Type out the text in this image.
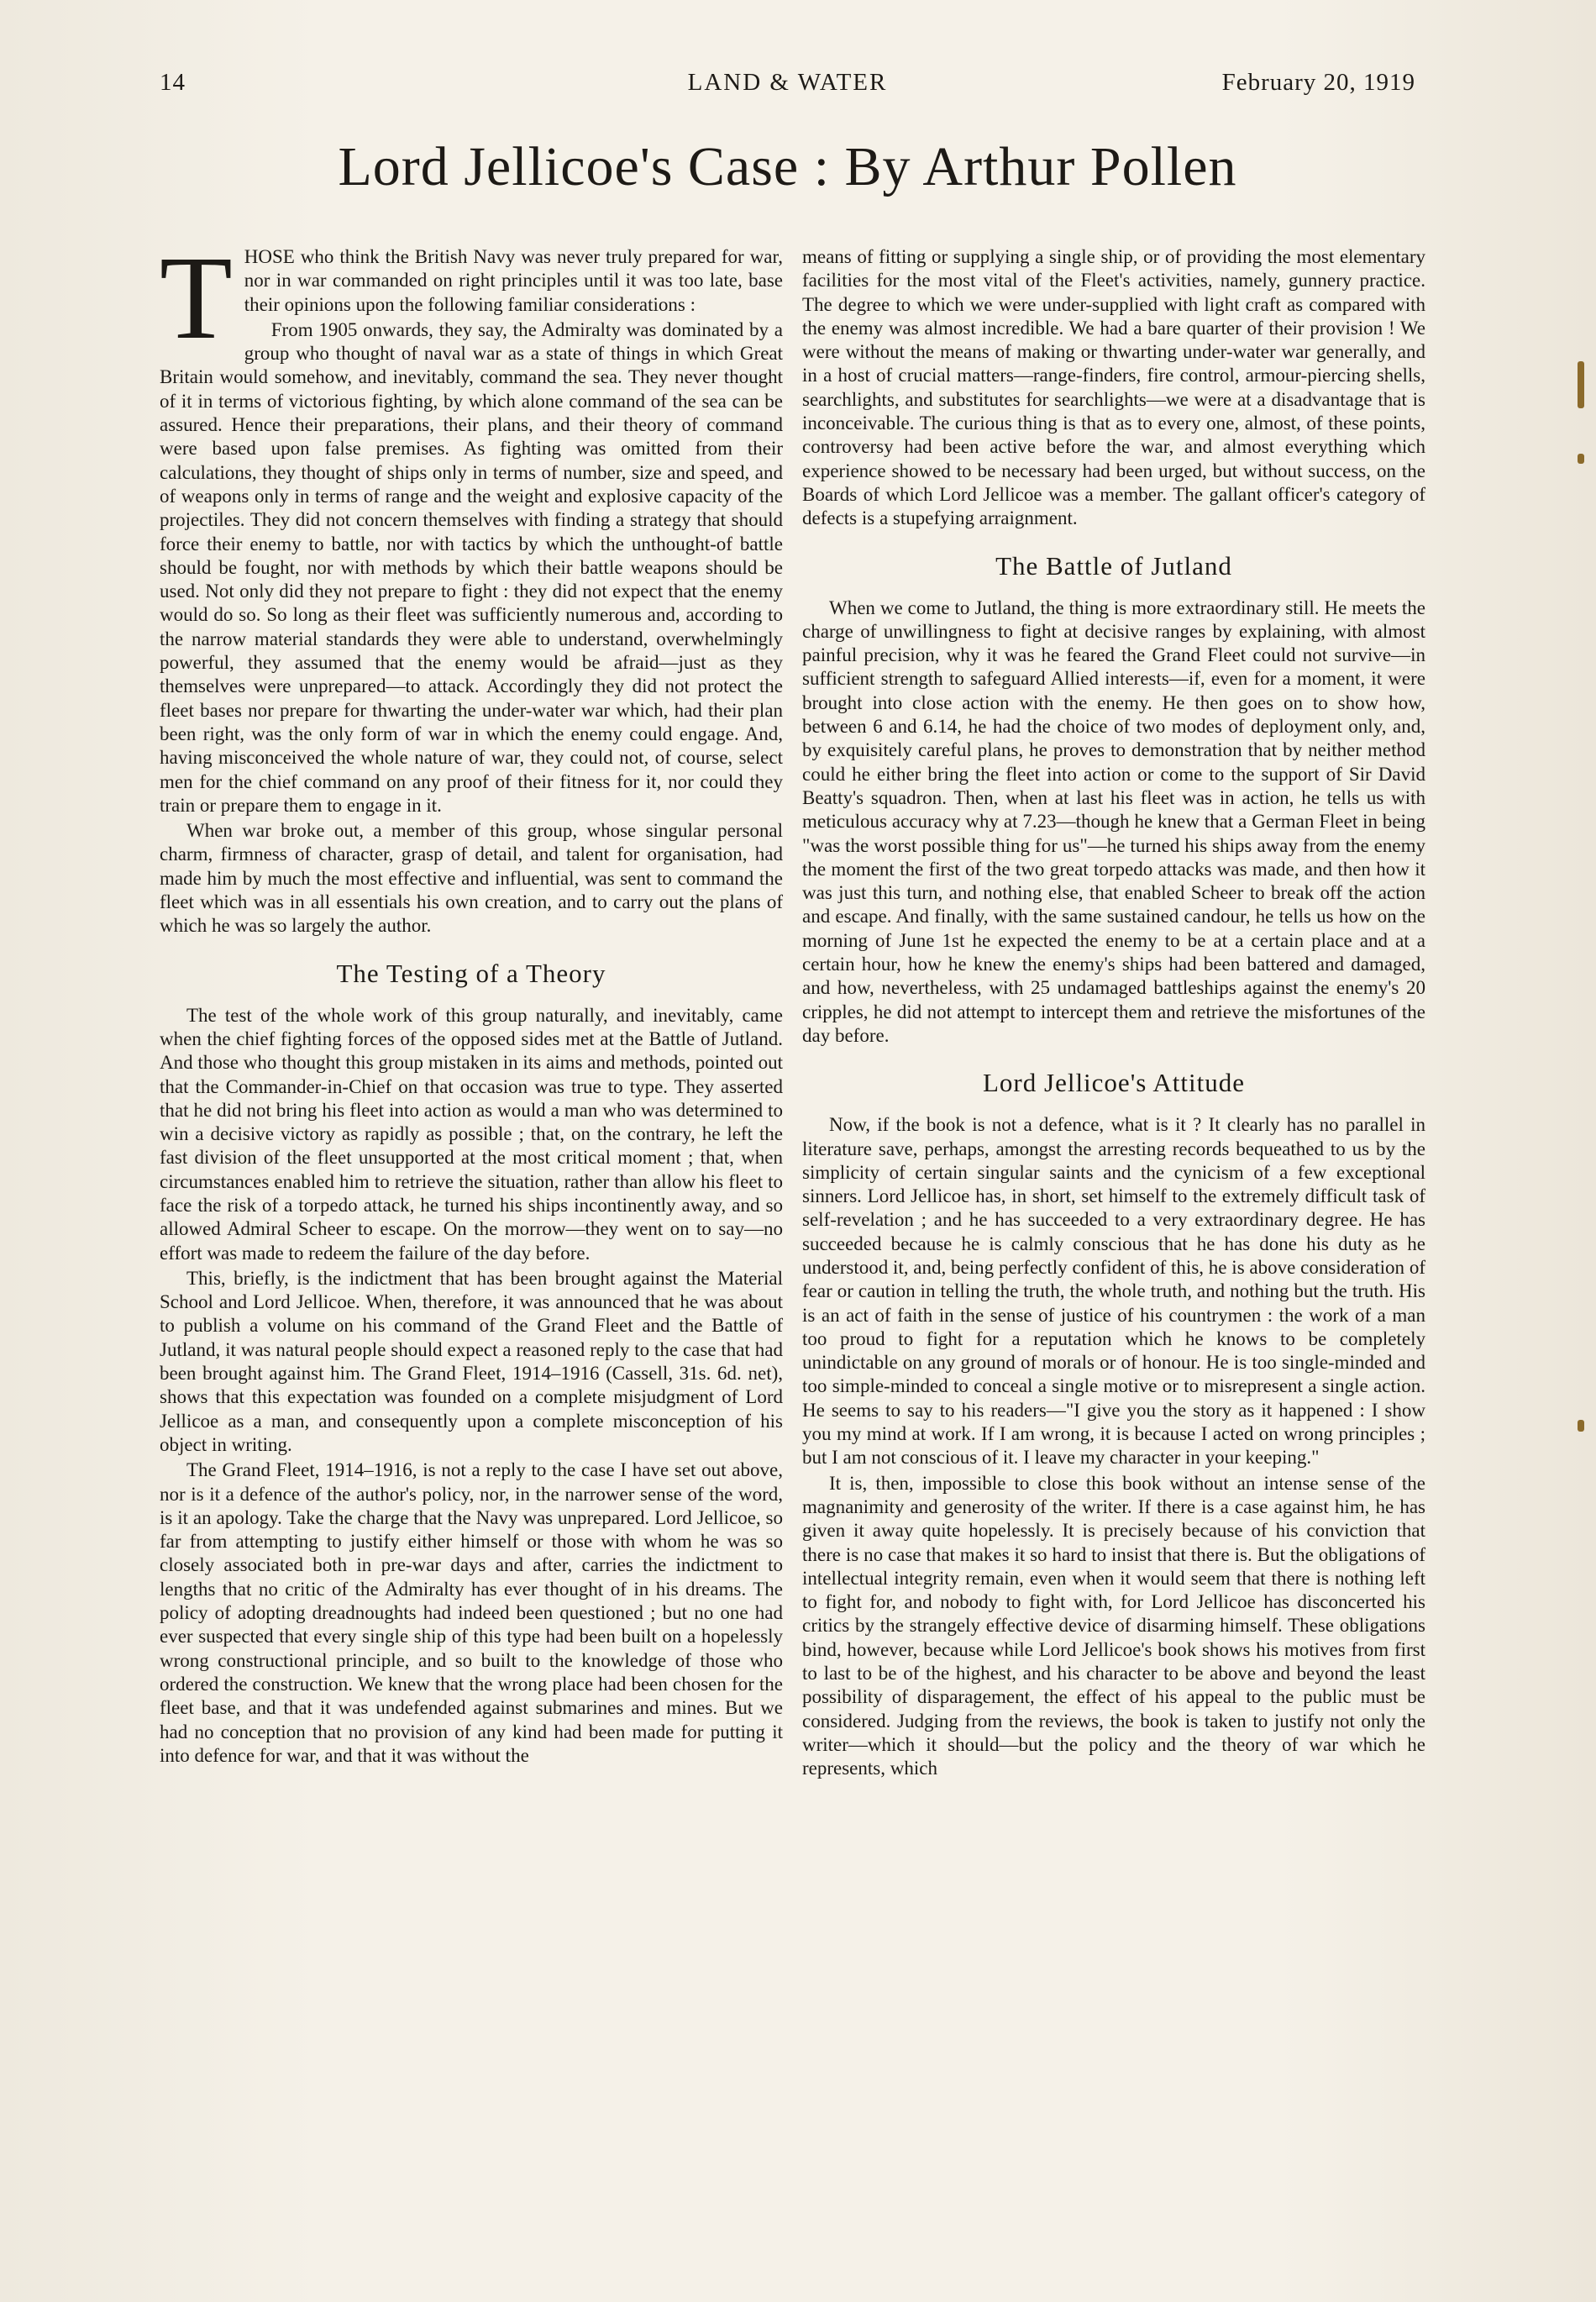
14	LAND & WATER	February 20, 1919
Lord Jellicoe's Case : By Arthur Pollen

THOSE who think the British Navy was never truly prepared for war, nor in war commanded on right principles until it was too late, base their opinions upon the following familiar considerations :

From 1905 onwards, they say, the Admiralty was dominated by a group who thought of naval war as a state of things in which Great Britain would somehow, and inevitably, command the sea. They never thought of it in terms of victorious fighting, by which alone command of the sea can be assured. Hence their preparations, their plans, and their theory of command were based upon false premises. As fighting was omitted from their calculations, they thought of ships only in terms of number, size and speed, and of weapons only in terms of range and the weight and explosive capacity of the projectiles. They did not concern themselves with finding a strategy that should force their enemy to battle, nor with tactics by which the unthought-of battle should be fought, nor with methods by which their battle weapons should be used. Not only did they not prepare to fight : they did not expect that the enemy would do so. So long as their fleet was sufficiently numerous and, according to the narrow material standards they were able to understand, overwhelmingly powerful, they assumed that the enemy would be afraid—just as they themselves were unprepared—to attack. Accordingly they did not protect the fleet bases nor prepare for thwarting the under-water war which, had their plan been right, was the only form of war in which the enemy could engage. And, having misconceived the whole nature of war, they could not, of course, select men for the chief command on any proof of their fitness for it, nor could they train or prepare them to engage in it.

When war broke out, a member of this group, whose singular personal charm, firmness of character, grasp of detail, and talent for organisation, had made him by much the most effective and influential, was sent to command the fleet which was in all essentials his own creation, and to carry out the plans of which he was so largely the author.

The Testing of a Theory

The test of the whole work of this group naturally, and inevitably, came when the chief fighting forces of the opposed sides met at the Battle of Jutland. And those who thought this group mistaken in its aims and methods, pointed out that the Commander-in-Chief on that occasion was true to type. They asserted that he did not bring his fleet into action as would a man who was determined to win a decisive victory as rapidly as possible ; that, on the contrary, he left the fast division of the fleet unsupported at the most critical moment ; that, when circumstances enabled him to retrieve the situation, rather than allow his fleet to face the risk of a torpedo attack, he turned his ships incontinently away, and so allowed Admiral Scheer to escape. On the morrow—they went on to say—no effort was made to redeem the failure of the day before.

This, briefly, is the indictment that has been brought against the Material School and Lord Jellicoe. When, therefore, it was announced that he was about to publish a volume on his command of the Grand Fleet and the Battle of Jutland, it was natural people should expect a reasoned reply to the case that had been brought against him. The Grand Fleet, 1914–1916 (Cassell, 31s. 6d. net), shows that this expectation was founded on a complete misjudgment of Lord Jellicoe as a man, and consequently upon a complete misconception of his object in writing.

The Grand Fleet, 1914–1916, is not a reply to the case I have set out above, nor is it a defence of the author's policy, nor, in the narrower sense of the word, is it an apology. Take the charge that the Navy was unprepared. Lord Jellicoe, so far from attempting to justify either himself or those with whom he was so closely associated both in pre-war days and after, carries the indictment to lengths that no critic of the Admiralty has ever thought of in his dreams. The policy of adopting dreadnoughts had indeed been questioned ; but no one had ever suspected that every single ship of this type had been built on a hopelessly wrong constructional principle, and so built to the knowledge of those who ordered the construction. We knew that the wrong place had been chosen for the fleet base, and that it was undefended against submarines and mines. But we had no conception that no provision of any kind had been made for putting it into defence for war, and that it was without the

means of fitting or supplying a single ship, or of providing the most elementary facilities for the most vital of the Fleet's activities, namely, gunnery practice. The degree to which we were under-supplied with light craft as compared with the enemy was almost incredible. We had a bare quarter of their provision ! We were without the means of making or thwarting under-water war generally, and in a host of crucial matters—range-finders, fire control, armour-piercing shells, searchlights, and substitutes for searchlights—we were at a disadvantage that is inconceivable. The curious thing is that as to every one, almost, of these points, controversy had been active before the war, and almost everything which experience showed to be necessary had been urged, but without success, on the Boards of which Lord Jellicoe was a member. The gallant officer's category of defects is a stupefying arraignment.

The Battle of Jutland

When we come to Jutland, the thing is more extraordinary still. He meets the charge of unwillingness to fight at decisive ranges by explaining, with almost painful precision, why it was he feared the Grand Fleet could not survive—in sufficient strength to safeguard Allied interests—if, even for a moment, it were brought into close action with the enemy. He then goes on to show how, between 6 and 6.14, he had the choice of two modes of deployment only, and, by exquisitely careful plans, he proves to demonstration that by neither method could he either bring the fleet into action or come to the support of Sir David Beatty's squadron. Then, when at last his fleet was in action, he tells us with meticulous accuracy why at 7.23—though he knew that a German Fleet in being "was the worst possible thing for us"—he turned his ships away from the enemy the moment the first of the two great torpedo attacks was made, and then how it was just this turn, and nothing else, that enabled Scheer to break off the action and escape. And finally, with the same sustained candour, he tells us how on the morning of June 1st he expected the enemy to be at a certain place and at a certain hour, how he knew the enemy's ships had been battered and damaged, and how, nevertheless, with 25 undamaged battleships against the enemy's 20 cripples, he did not attempt to intercept them and retrieve the misfortunes of the day before.

Lord Jellicoe's Attitude

Now, if the book is not a defence, what is it ? It clearly has no parallel in literature save, perhaps, amongst the arresting records bequeathed to us by the simplicity of certain singular saints and the cynicism of a few exceptional sinners. Lord Jellicoe has, in short, set himself to the extremely difficult task of self-revelation ; and he has succeeded to a very extraordinary degree. He has succeeded because he is calmly conscious that he has done his duty as he understood it, and, being perfectly confident of this, he is above consideration of fear or caution in telling the truth, the whole truth, and nothing but the truth. His is an act of faith in the sense of justice of his countrymen : the work of a man too proud to fight for a reputation which he knows to be completely unindictable on any ground of morals or of honour. He is too single-minded and too simple-minded to conceal a single motive or to misrepresent a single action. He seems to say to his readers—"I give you the story as it happened : I show you my mind at work. If I am wrong, it is because I acted on wrong principles ; but I am not conscious of it. I leave my character in your keeping."

It is, then, impossible to close this book without an intense sense of the magnanimity and generosity of the writer. If there is a case against him, he has given it away quite hopelessly. It is precisely because of his conviction that there is no case that makes it so hard to insist that there is. But the obligations of intellectual integrity remain, even when it would seem that there is nothing left to fight for, and nobody to fight with, for Lord Jellicoe has disconcerted his critics by the strangely effective device of disarming himself. These obligations bind, however, because while Lord Jellicoe's book shows his motives from first to last to be of the highest, and his character to be above and beyond the least possibility of disparagement, the effect of his appeal to the public must be considered. Judging from the reviews, the book is taken to justify not only the writer—which it should—but the policy and the theory of war which he represents, which
